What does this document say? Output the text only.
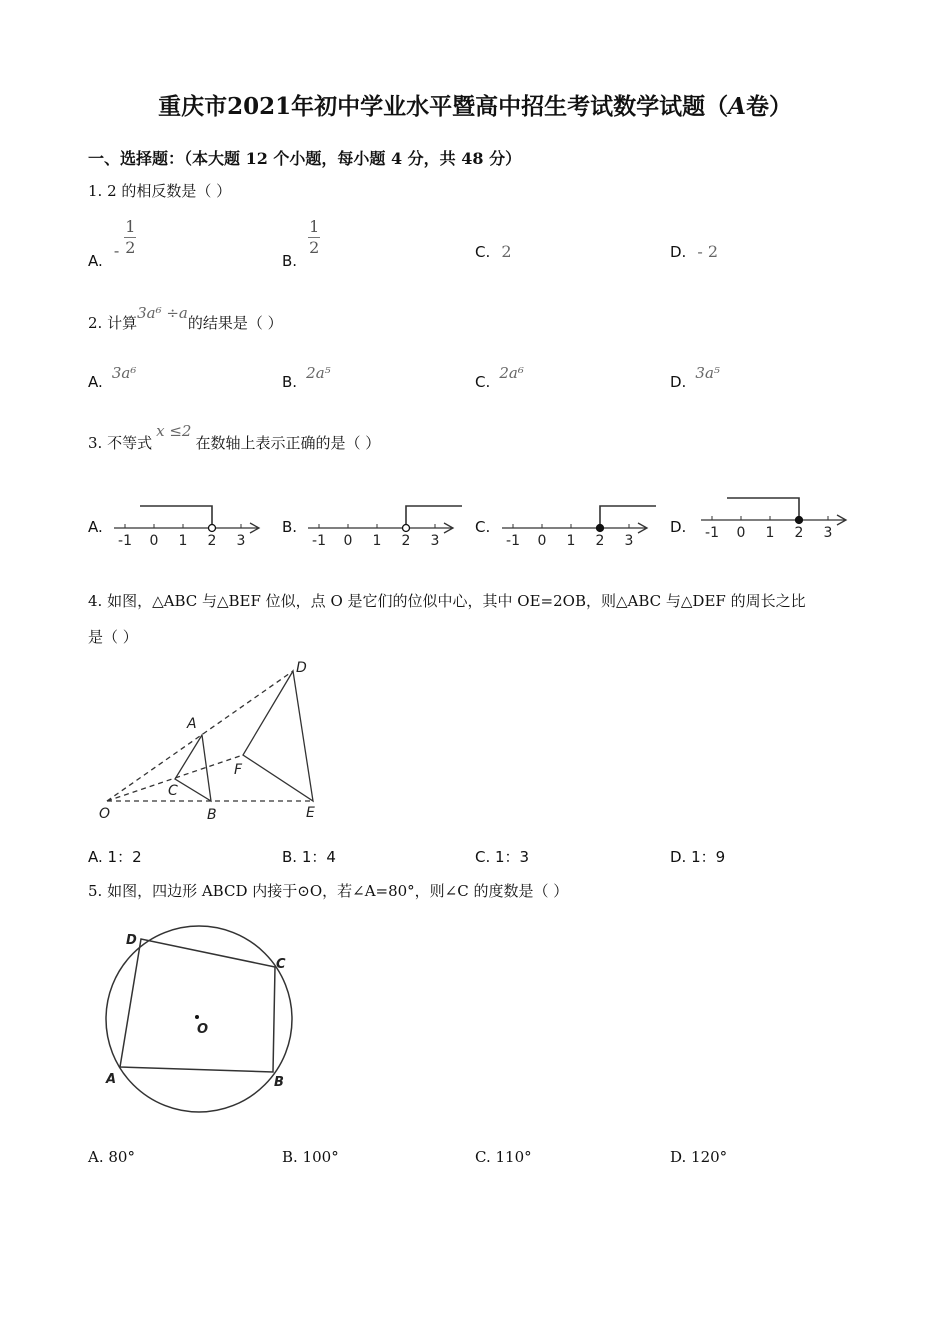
重庆市2021年初中学业水平暨高中招生考试数学试题（A卷）
一、选择题：（本大题 12 个小题，每小题 4 分，共 48 分）
1. 2 的相反数是（ ）
A. - $\frac{1}{2}$
B.
$\frac{1}{2}$	C. 2	D. - 2
2. 计算3a⁶ ÷a的结果是（ ）
A. 3a⁶	B. 2a⁵	C. 2a⁶	D. 3a⁵
3. 不等式x ≤2在数轴上表示正确的是（ ）
A.	B.	C.	D.
-1 0 1 2 3	-1 0 1 2 3	-1 0 1 2 3	-1 0 1 2 3
4. 如图，△ABC 与△BEF 位似，点 O 是它们的位似中心，其中 OE=2OB，则△ABC 与△DEF 的周长之比
是（ ）
O	B	E
C
A
F
D
A. 1：2	B. 1：4	C. 1：3	D. 1：9
5. 如图，四边形 ABCD 内接于⊙O，若∠A=80°，则∠C 的度数是（ ）
A	B
C
D
O
A. 80°	B. 100°	C. 110°	D. 120°
